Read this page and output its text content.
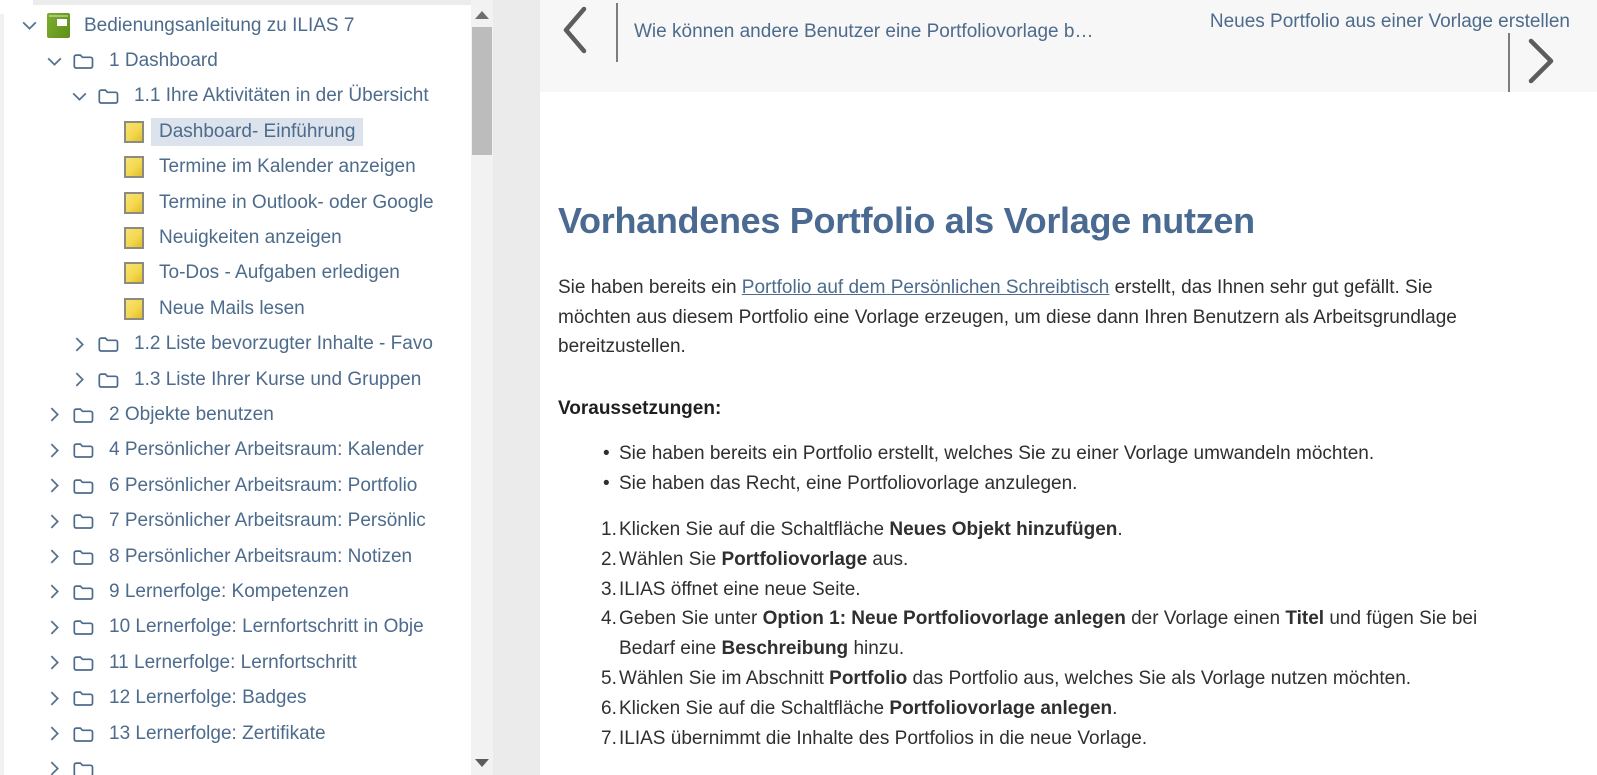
Bedienungsanleitung zu ILIAS 7
1 Dashboard
1.1 Ihre Aktivitäten in der Übersicht
Dashboard- Einführung
Termine im Kalender anzeigen
Termine in Outlook- oder Google
Neuigkeiten anzeigen
To-Dos - Aufgaben erledigen
Neue Mails lesen
1.2 Liste bevorzugter Inhalte - Favo
1.3 Liste Ihrer Kurse und Gruppen
2 Objekte benutzen
4 Persönlicher Arbeitsraum: Kalender
6 Persönlicher Arbeitsraum: Portfolio
7 Persönlicher Arbeitsraum: Persönlic
8 Persönlicher Arbeitsraum: Notizen
9 Lernerfolge: Kompetenzen
10 Lernerfolge: Lernfortschritt in Obje
11 Lernerfolge: Lernfortschritt
12 Lernerfolge: Badges
13 Lernerfolge: Zertifikate
Wie können andere Benutzer eine Portfoliovorlage b…	Neues Portfolio aus einer Vorlage erstellen
Vorhandenes Portfolio als Vorlage nutzen

Sie haben bereits ein Portfolio auf dem Persönlichen Schreibtisch erstellt, das Ihnen sehr gut gefällt. Sie möchten aus diesem Portfolio eine Vorlage erzeugen, um diese dann Ihren Benutzern als Arbeitsgrundlage bereitzustellen.

Voraussetzungen:
• Sie haben bereits ein Portfolio erstellt, welches Sie zu einer Vorlage umwandeln möchten.
• Sie haben das Recht, eine Portfoliovorlage anzulegen.
1. Klicken Sie auf die Schaltfläche Neues Objekt hinzufügen.
2. Wählen Sie Portfoliovorlage aus.
3. ILIAS öffnet eine neue Seite.
4. Geben Sie unter Option 1: Neue Portfoliovorlage anlegen der Vorlage einen Titel und fügen Sie bei Bedarf eine Beschreibung hinzu.
5. Wählen Sie im Abschnitt Portfolio das Portfolio aus, welches Sie als Vorlage nutzen möchten.
6. Klicken Sie auf die Schaltfläche Portfoliovorlage anlegen.
7. ILIAS übernimmt die Inhalte des Portfolios in die neue Vorlage.
